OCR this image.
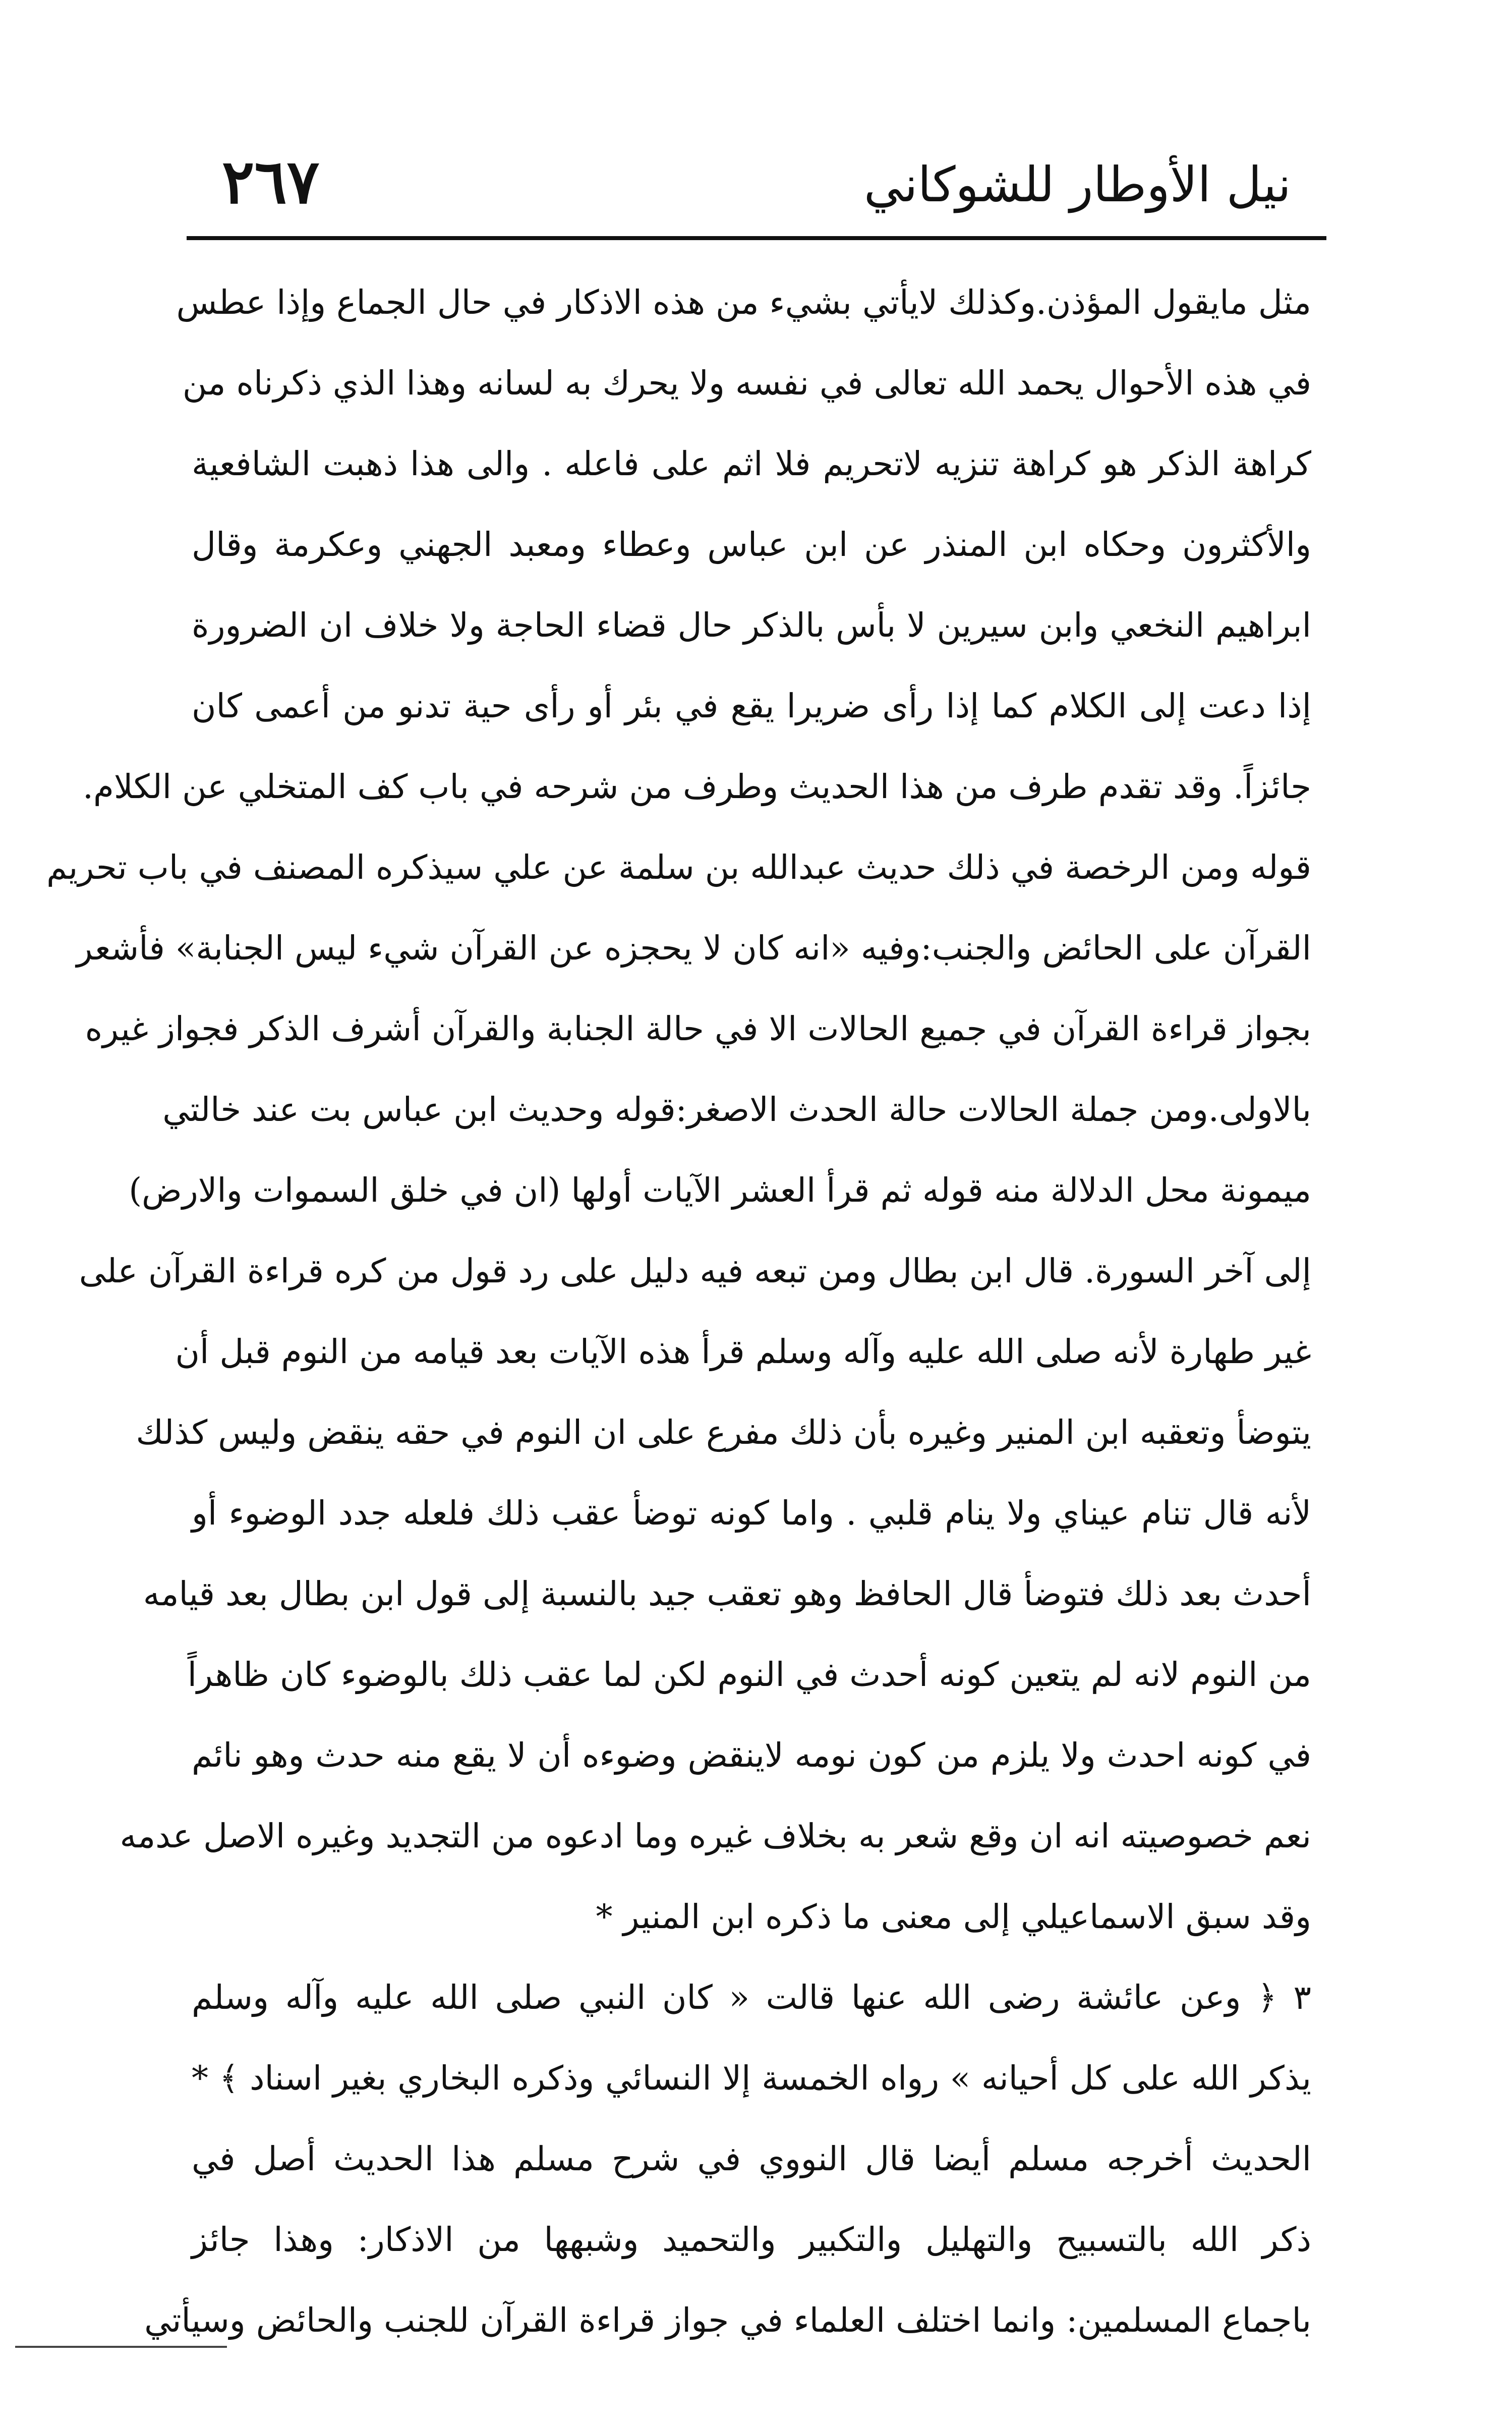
٢٦٧	نيل الأوطار للشوكاني
مثل مايقول المؤذن.وكذلك لايأتي بشيء من هذه الاذكار في حال الجماع وإذا عطس
في هذه الأحوال يحمد الله تعالى في نفسه ولا يحرك به لسانه وهذا الذي ذكرناه من
كراهة الذكر هو كراهة تنزيه لاتحريم فلا اثم على فاعله . والى هذا ذهبت الشافعية
والأكثرون وحكاه ابن المنذر عن ابن عباس وعطاء ومعبد الجهني وعكرمة وقال
ابراهيم النخعي وابن سيرين لا بأس بالذكر حال قضاء الحاجة ولا خلاف ان الضرورة
إذا دعت إلى الكلام كما إذا رأى ضريرا يقع في بئر أو رأى حية تدنو من أعمى كان
جائزاً. وقد تقدم طرف من هذا الحديث وطرف من شرحه في باب كف المتخلي عن الكلام.
قوله ومن الرخصة في ذلك حديث عبدالله بن سلمة عن علي سيذكره المصنف في باب تحريم
القرآن على الحائض والجنب:وفيه «انه كان لا يحجزه عن القرآن شيء ليس الجنابة» فأشعر
بجواز قراءة القرآن في جميع الحالات الا في حالة الجنابة والقرآن أشرف الذكر فجواز غيره
بالاولى.ومن جملة الحالات حالة الحدث الاصغر:قوله وحديث ابن عباس بت عند خالتي
ميمونة محل الدلالة منه قوله ثم قرأ العشر الآيات أولها (ان في خلق السموات والارض)
إلى آخر السورة. قال ابن بطال ومن تبعه فيه دليل على رد قول من كره قراءة القرآن على
غير طهارة لأنه صلى الله عليه وآله وسلم قرأ هذه الآيات بعد قيامه من النوم قبل أن
يتوضأ وتعقبه ابن المنير وغيره بأن ذلك مفرع على ان النوم في حقه ينقض وليس كذلك
لأنه قال تنام عيناي ولا ينام قلبي . واما كونه توضأ عقب ذلك فلعله جدد الوضوء أو
أحدث بعد ذلك فتوضأ قال الحافظ وهو تعقب جيد بالنسبة إلى قول ابن بطال بعد قيامه
من النوم لانه لم يتعين كونه أحدث في النوم لكن لما عقب ذلك بالوضوء كان ظاهراً
في كونه احدث ولا يلزم من كون نومه لاينقض وضوءه أن لا يقع منه حدث وهو نائم
نعم خصوصيته انه ان وقع شعر به بخلاف غيره وما ادعوه من التجديد وغيره الاصل عدمه
وقد سبق الاسماعيلي إلى معنى ما ذكره ابن المنير *
٣ ﴿ وعن عائشة رضى الله عنها قالت « كان النبي صلى الله عليه وآله وسلم
يذكر الله على كل أحيانه » رواه الخمسة إلا النسائي وذكره البخاري بغير اسناد ﴾ *
الحديث أخرجه مسلم أيضا قال النووي في شرح مسلم هذا الحديث أصل في
ذكر الله بالتسبيح والتهليل والتكبير والتحميد وشبهها من الاذكار: وهذا جائز
باجماع المسلمين: وانما اختلف العلماء في جواز قراءة القرآن للجنب والحائض وسيأتي
